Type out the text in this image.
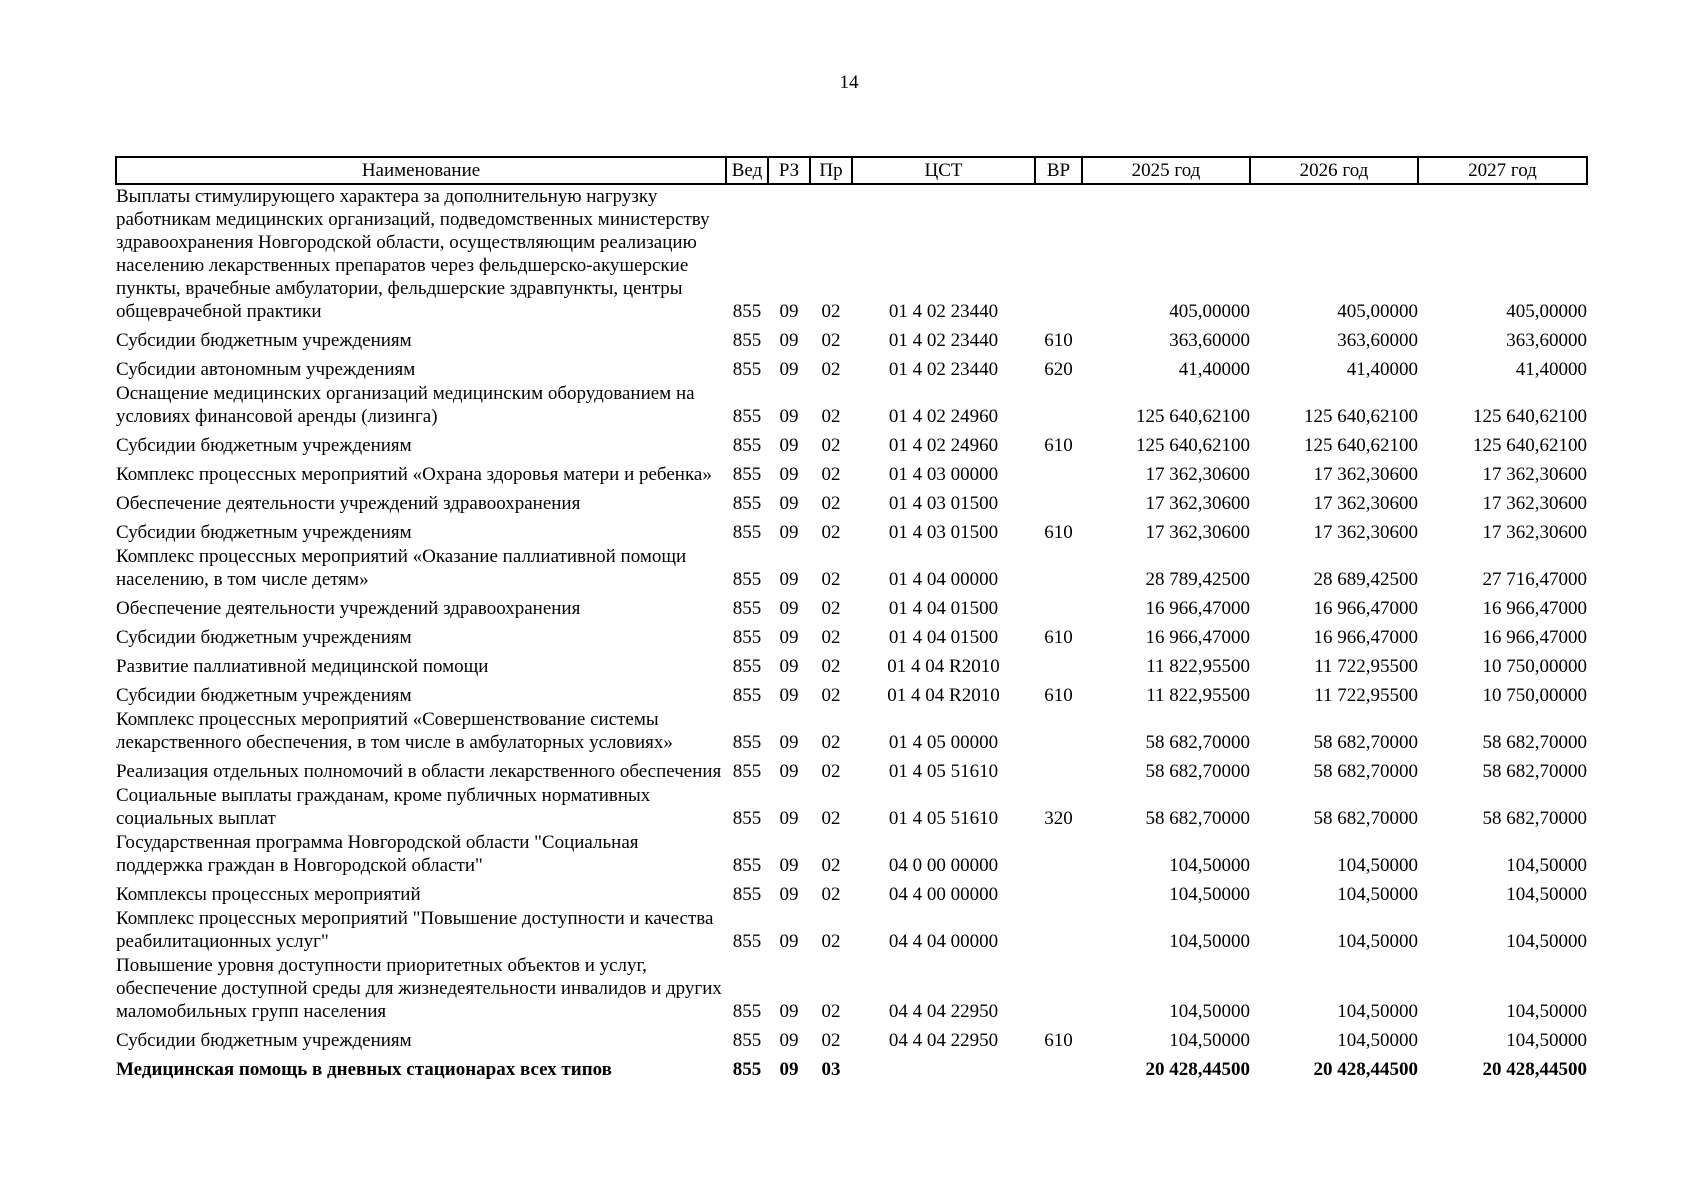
14
Наименование	Вед	РЗ	Пр	ЦСТ	ВР	2025 год	2026 год	2027 год
Выплаты стимулирующего характера за дополнительную нагрузку работникам медицинских организаций, подведомственных министерству здравоохранения Новгородской области, осуществляющим реализацию населению лекарственных препаратов через фельдшерско-акушерские пункты, врачебные амбулатории, фельдшерские здравпункты, центры общеврачебной практики	855	09	02	01 4 02 23440		405,00000	405,00000	405,00000
Субсидии бюджетным учреждениям	855	09	02	01 4 02 23440	610	363,60000	363,60000	363,60000
Субсидии автономным учреждениям	855	09	02	01 4 02 23440	620	41,40000	41,40000	41,40000
Оснащение медицинских организаций медицинским оборудованием на условиях финансовой аренды (лизинга)	855	09	02	01 4 02 24960		125 640,62100	125 640,62100	125 640,62100
Субсидии бюджетным учреждениям	855	09	02	01 4 02 24960	610	125 640,62100	125 640,62100	125 640,62100
Комплекс процессных мероприятий «Охрана здоровья матери и ребенка»	855	09	02	01 4 03 00000		17 362,30600	17 362,30600	17 362,30600
Обеспечение деятельности учреждений здравоохранения	855	09	02	01 4 03 01500		17 362,30600	17 362,30600	17 362,30600
Субсидии бюджетным учреждениям	855	09	02	01 4 03 01500	610	17 362,30600	17 362,30600	17 362,30600
Комплекс процессных мероприятий «Оказание паллиативной помощи населению, в том числе детям»	855	09	02	01 4 04 00000		28 789,42500	28 689,42500	27 716,47000
Обеспечение деятельности учреждений здравоохранения	855	09	02	01 4 04 01500		16 966,47000	16 966,47000	16 966,47000
Субсидии бюджетным учреждениям	855	09	02	01 4 04 01500	610	16 966,47000	16 966,47000	16 966,47000
Развитие паллиативной медицинской помощи	855	09	02	01 4 04 R2010		11 822,95500	11 722,95500	10 750,00000
Субсидии бюджетным учреждениям	855	09	02	01 4 04 R2010	610	11 822,95500	11 722,95500	10 750,00000
Комплекс процессных мероприятий «Совершенствование системы лекарственного обеспечения, в том числе в амбулаторных условиях»	855	09	02	01 4 05 00000		58 682,70000	58 682,70000	58 682,70000
Реализация отдельных полномочий в области лекарственного обеспечения	855	09	02	01 4 05 51610		58 682,70000	58 682,70000	58 682,70000
Социальные выплаты гражданам, кроме публичных нормативных социальных выплат	855	09	02	01 4 05 51610	320	58 682,70000	58 682,70000	58 682,70000
Государственная программа Новгородской области "Социальная поддержка граждан в Новгородской области"	855	09	02	04 0 00 00000		104,50000	104,50000	104,50000
Комплексы процессных мероприятий	855	09	02	04 4 00 00000		104,50000	104,50000	104,50000
Комплекс процессных мероприятий "Повышение доступности и качества реабилитационных услуг"	855	09	02	04 4 04 00000		104,50000	104,50000	104,50000
Повышение уровня доступности приоритетных объектов и услуг, обеспечение доступной среды для жизнедеятельности инвалидов и других маломобильных групп населения	855	09	02	04 4 04 22950		104,50000	104,50000	104,50000
Субсидии бюджетным учреждениям	855	09	02	04 4 04 22950	610	104,50000	104,50000	104,50000
Медицинская помощь в дневных стационарах всех типов	855	09	03			20 428,44500	20 428,44500	20 428,44500
